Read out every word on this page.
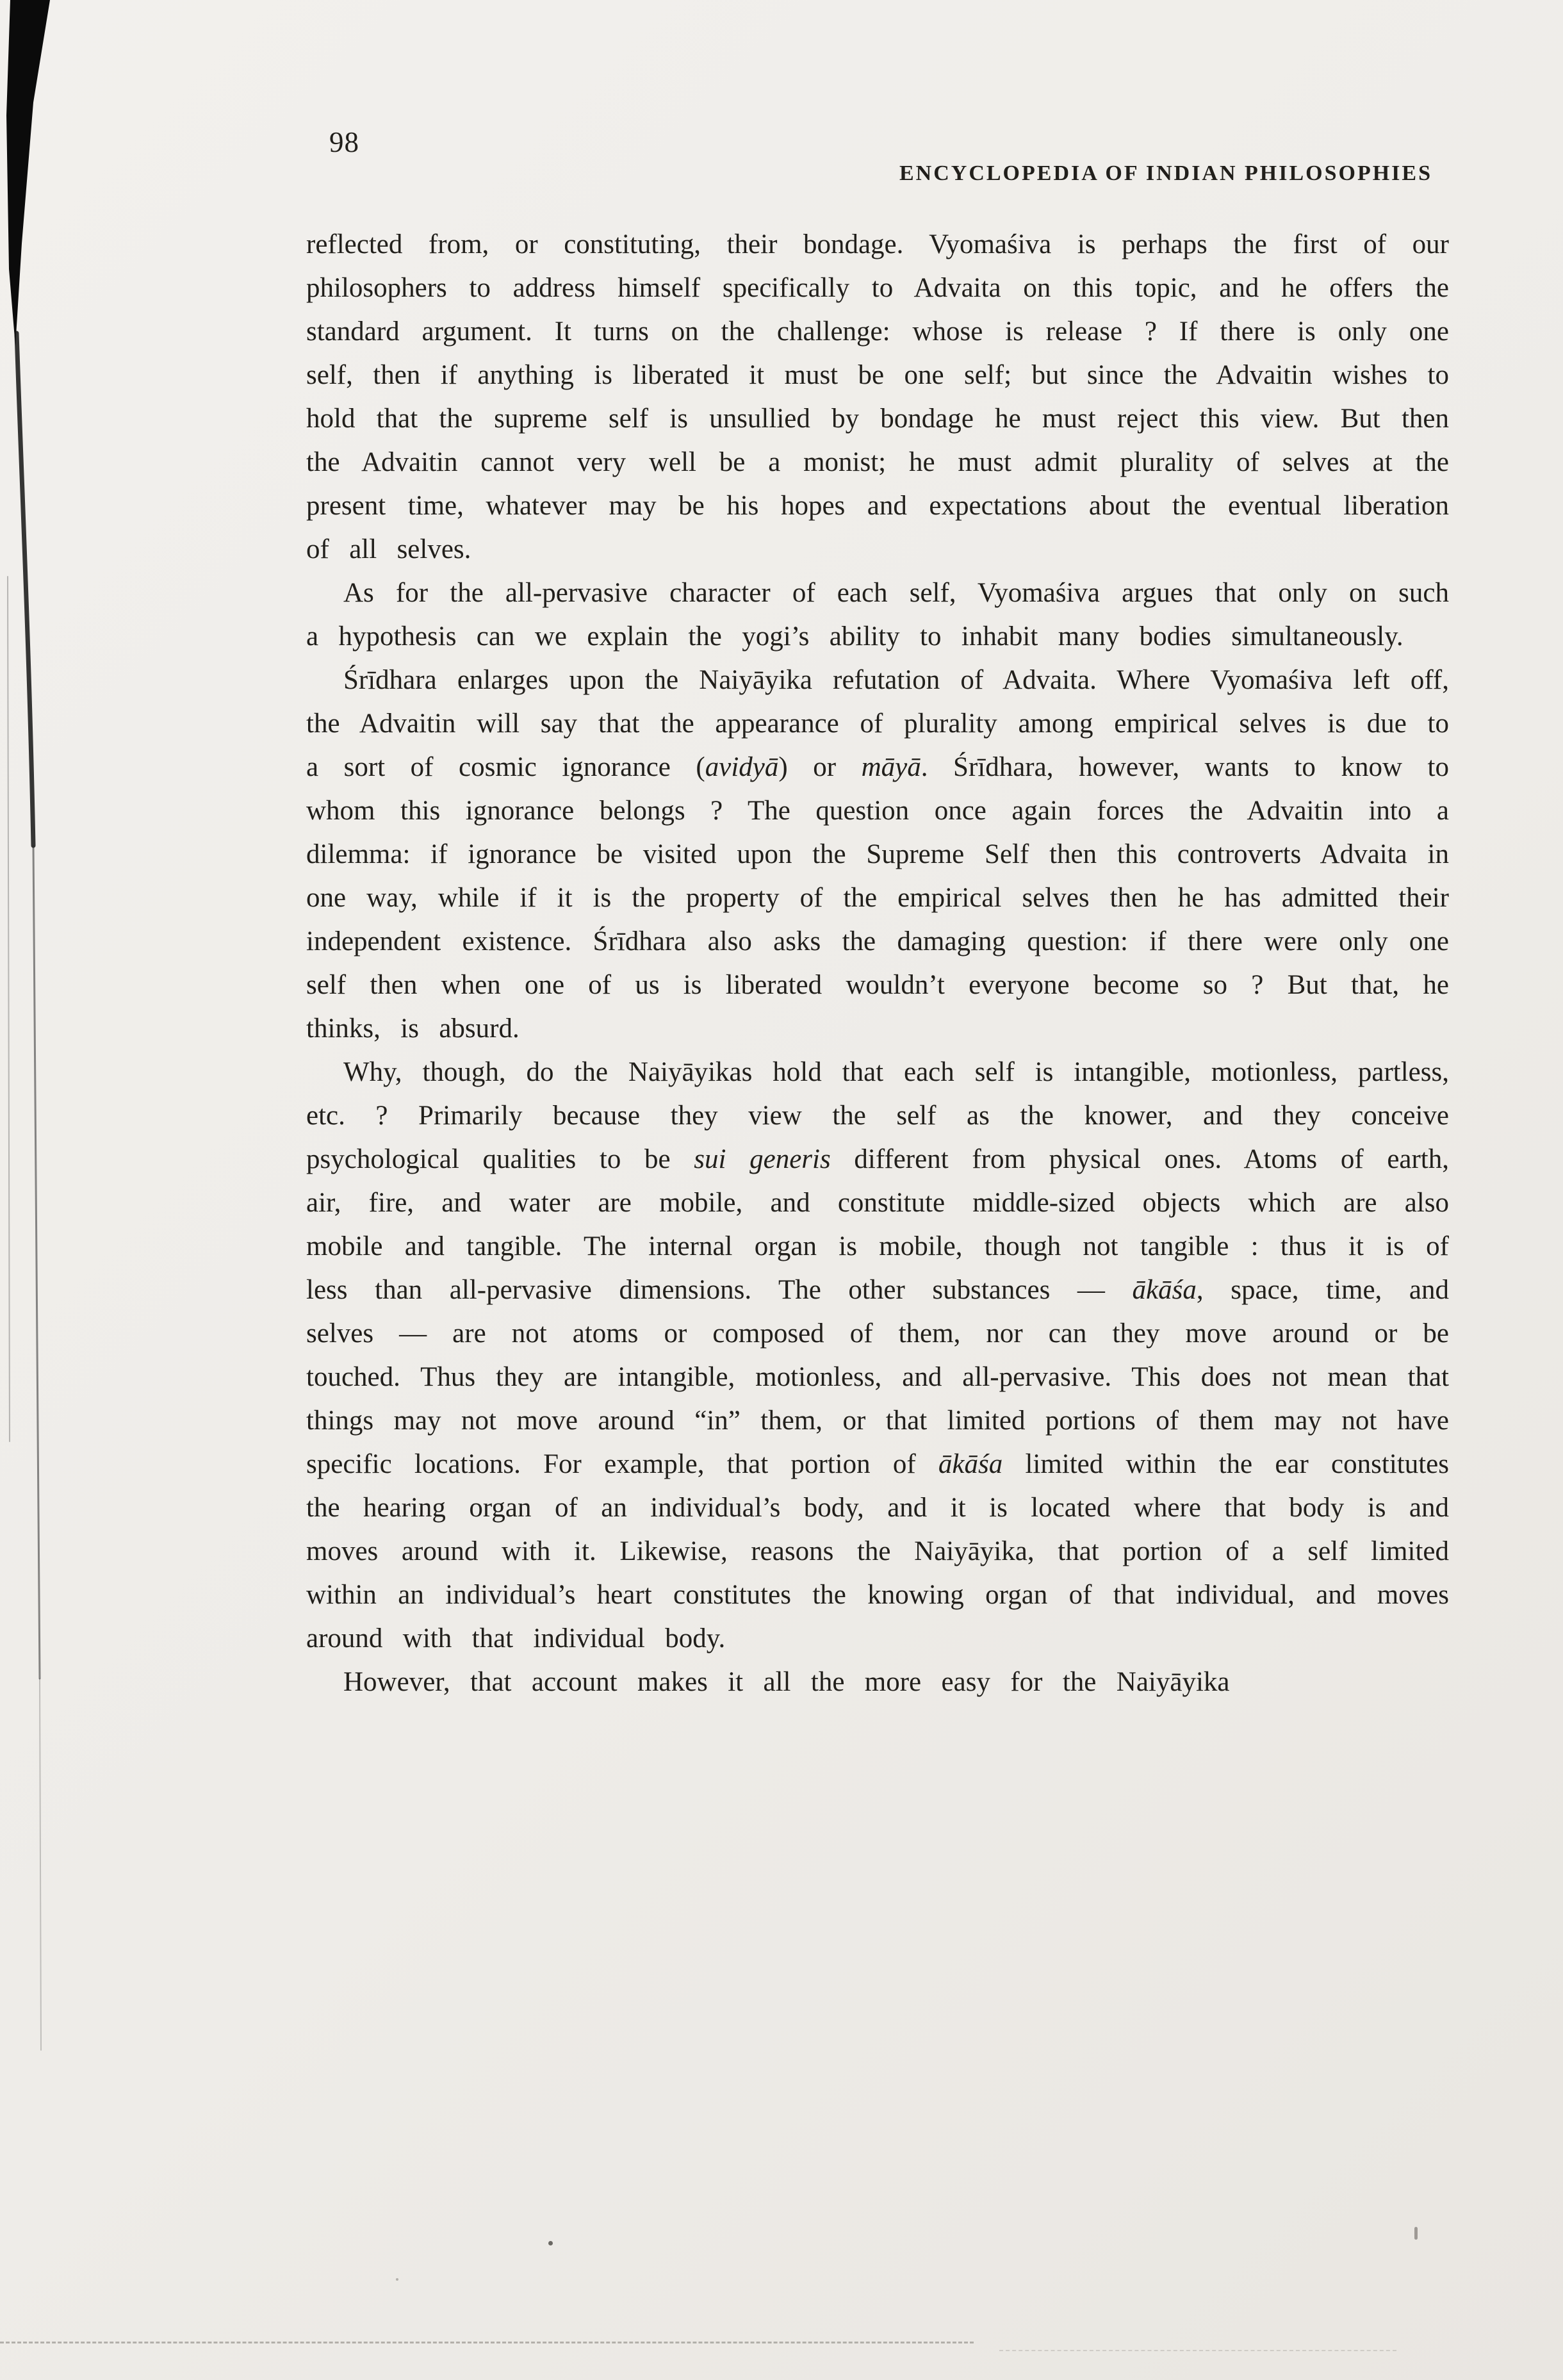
98
ENCYCLOPEDIA OF INDIAN PHILOSOPHIES

reflected from, or constituting, their bondage. Vyomaśiva is perhaps the first of our philosophers to address himself specifically to Advaita on this topic, and he offers the standard argument. It turns on the challenge: whose is release ? If there is only one self, then if anything is liberated it must be one self; but since the Advaitin wishes to hold that the supreme self is unsullied by bondage he must reject this view. But then the Advaitin cannot very well be a monist; he must admit plurality of selves at the present time, whatever may be his hopes and expectations about the eventual liberation of all selves.

As for the all-pervasive character of each self, Vyomaśiva argues that only on such a hypothesis can we explain the yogi’s ability to inhabit many bodies simultaneously.

Śrīdhara enlarges upon the Naiyāyika refutation of Advaita. Where Vyomaśiva left off, the Advaitin will say that the appearance of plurality among empirical selves is due to a sort of cosmic ignorance (avidyā) or māyā. Śrīdhara, however, wants to know to whom this ignorance belongs ? The question once again forces the Advaitin into a dilemma: if ignorance be visited upon the Supreme Self then this controverts Advaita in one way, while if it is the property of the empirical selves then he has admitted their independent existence. Śrīdhara also asks the damaging question: if there were only one self then when one of us is liberated wouldn’t everyone become so ? But that, he thinks, is absurd.

Why, though, do the Naiyāyikas hold that each self is intangible, motionless, partless, etc. ? Primarily because they view the self as the knower, and they conceive psychological qualities to be sui generis different from physical ones. Atoms of earth, air, fire, and water are mobile, and constitute middle-sized objects which are also mobile and tangible. The internal organ is mobile, though not tangible : thus it is of less than all-pervasive dimensions. The other substances — ākāśa, space, time, and selves — are not atoms or composed of them, nor can they move around or be touched. Thus they are intangible, motionless, and all-pervasive. This does not mean that things may not move around “in” them, or that limited portions of them may not have specific locations. For example, that portion of ākāśa limited within the ear constitutes the hearing organ of an individual’s body, and it is located where that body is and moves around with it. Likewise, reasons the Naiyāyika, that portion of a self limited within an individual’s heart constitutes the knowing organ of that individual, and moves around with that individual body.

However, that account makes it all the more easy for the Naiyāyika
